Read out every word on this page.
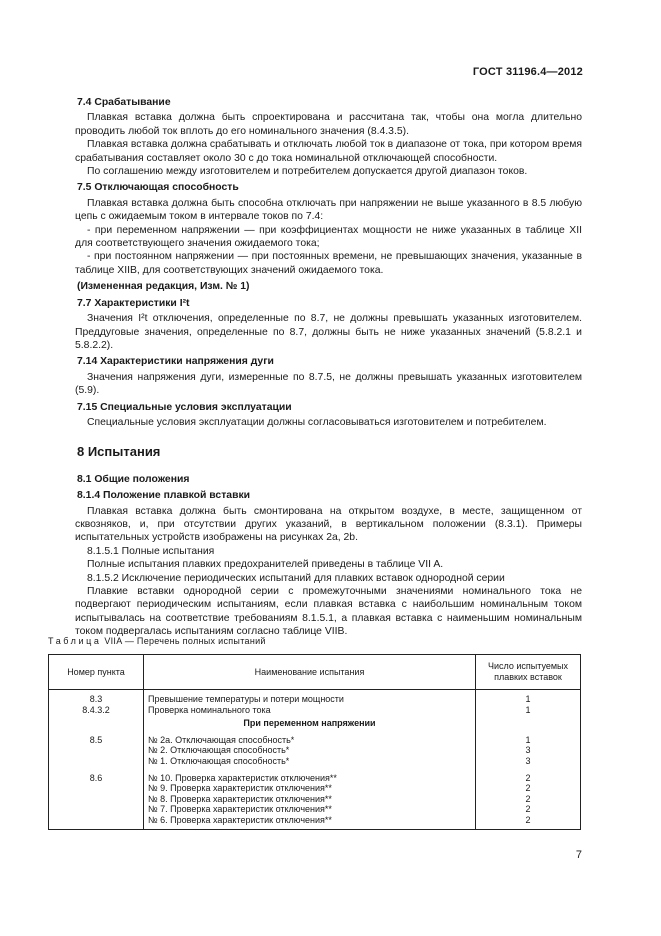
ГОСТ 31196.4—2012
7.4 Срабатывание

Плавкая вставка должна быть спроектирована и рассчитана так, чтобы она могла длительно проводить любой ток вплоть до его номинального значения (8.4.3.5).

Плавкая вставка должна срабатывать и отключать любой ток в диапазоне от тока, при котором время срабатывания составляет около 30 с до тока номинальной отключающей способности.

По соглашению между изготовителем и потребителем допускается другой диапазон токов.

7.5 Отключающая способность

Плавкая вставка должна быть способна отключать при напряжении не выше указанного в 8.5 любую цепь с ожидаемым током в интервале токов по 7.4:

- при переменном напряжении — при коэффициентах мощности не ниже указанных в таблице XII для соответствующего значения ожидаемого тока;

- при постоянном напряжении — при постоянных времени, не превышающих значения, указанные в таблице XIIB, для соответствующих значений ожидаемого тока.

(Измененная редакция, Изм. № 1)
7.7 Характеристики I²t

Значения I²t отключения, определенные по 8.7, не должны превышать указанных изготовителем. Преддуговые значения, определенные по 8.7, должны быть не ниже указанных значений (5.8.2.1 и 5.8.2.2).

7.14 Характеристики напряжения дуги

Значения напряжения дуги, измеренные по 8.7.5, не должны превышать указанных изготовителем (5.9).

7.15 Специальные условия эксплуатации

Специальные условия эксплуатации должны согласовываться изготовителем и потребителем.

8 Испытания
8.1 Общие положения
8.1.4 Положение плавкой вставки

Плавкая вставка должна быть смонтирована на открытом воздухе, в месте, защищенном от сквозняков, и, при отсутствии других указаний, в вертикальном положении (8.3.1). Примеры испытательных устройств изображены на рисунках 2a, 2b.

8.1.5.1 Полные испытания

Полные испытания плавких предохранителей приведены в таблице VII A.

8.1.5.2 Исключение периодических испытаний для плавких вставок однородной серии

Плавкие вставки однородной серии с промежуточными значениями номинального тока не подвергают периодическим испытаниям, если плавкая вставка с наибольшим номинальным током испытывалась на соответствие требованиям 8.1.5.1, а плавкая вставка с наименьшим номинальным током подвергалась испытаниям согласно таблице VIIB.

Таблица VIIA — Перечень полных испытаний
Номер пункта	Наименование испытания	Число испытуемых плавких вставок
8.3	Превышение температуры и потери мощности	1
8.4.3.2	Проверка номинального тока	1
	При переменном напряжении	
8.5	№ 2a. Отключающая способность*	1
	№ 2. Отключающая способность*	3
	№ 1. Отключающая способность*	3
8.6	№ 10. Проверка характеристик отключения**	2
	№ 9. Проверка характеристик отключения**	2
	№ 8. Проверка характеристик отключения**	2
	№ 7. Проверка характеристик отключения**	2
	№ 6. Проверка характеристик отключения**	2
7
